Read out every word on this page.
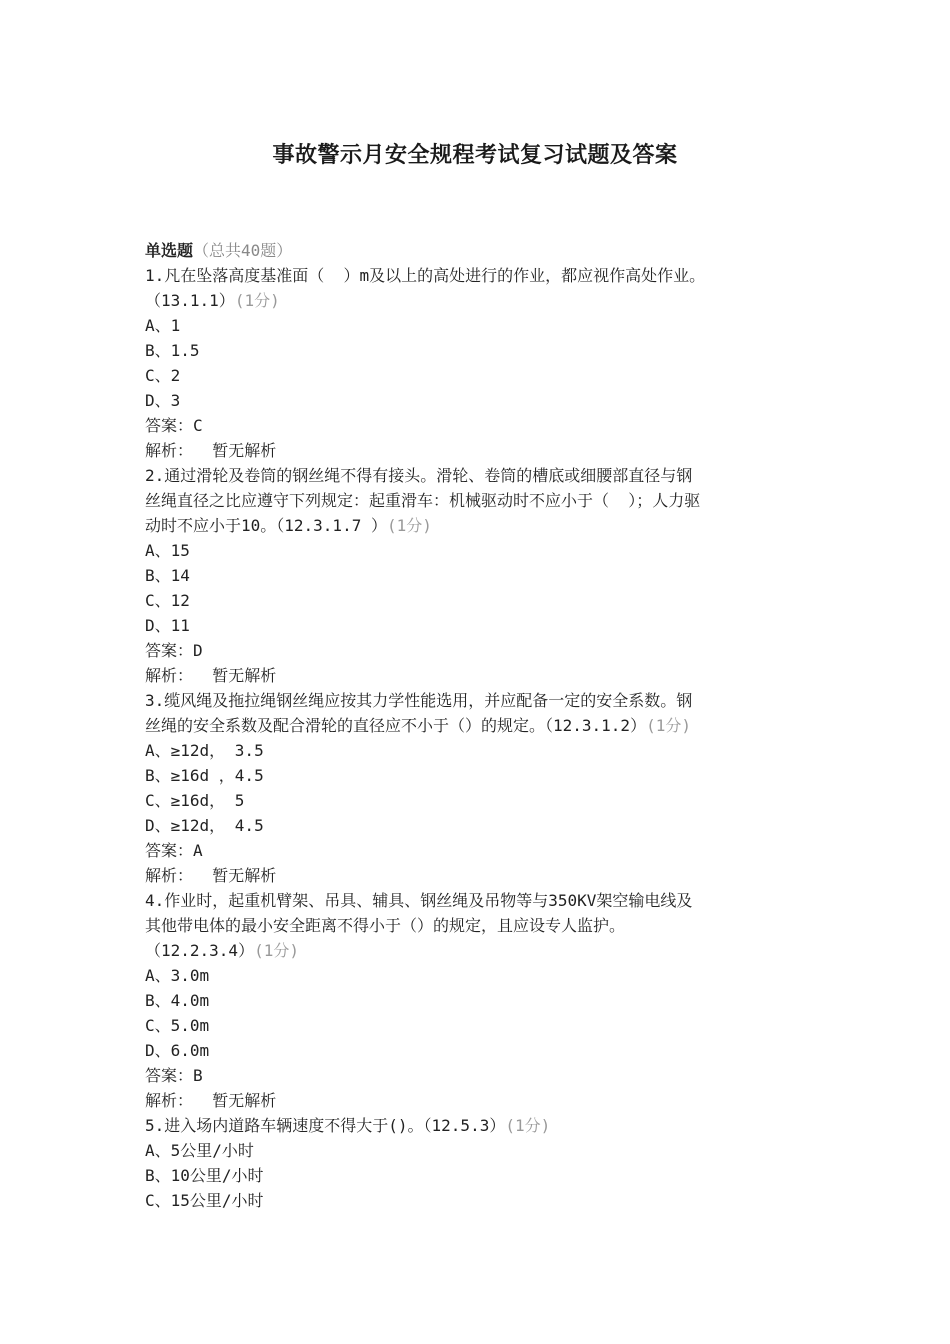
事故警示月安全规程考试复习试题及答案
单选题（总共40题）
1.凡在坠落高度基准面（  ）m及以上的高处进行的作业，都应视作高处作业。
（13.1.1）(1分)
A、1
B、1.5
C、2
D、3
答案：C
解析： 暂无解析
2.通过滑轮及卷筒的钢丝绳不得有接头。滑轮、卷筒的槽底或细腰部直径与钢
丝绳直径之比应遵守下列规定：起重滑车：机械驱动时不应小于（  ）；人力驱
动时不应小于10。（12.3.1.7 ）(1分)
A、15
B、14
C、12
D、11
答案：D
解析： 暂无解析
3.缆风绳及拖拉绳钢丝绳应按其力学性能选用，并应配备一定的安全系数。钢
丝绳的安全系数及配合滑轮的直径应不小于（）的规定。（12.3.1.2）(1分)
A、≥12d， 3.5
B、≥16d ，4.5
C、≥16d， 5
D、≥12d， 4.5
答案：A
解析： 暂无解析
4.作业时，起重机臂架、吊具、辅具、钢丝绳及吊物等与350KV架空输电线及
其他带电体的最小安全距离不得小于（）的规定，且应设专人监护。
（12.2.3.4）(1分)
A、3.0m
B、4.0m
C、5.0m
D、6.0m
答案：B
解析： 暂无解析
5.进入场内道路车辆速度不得大于()。（12.5.3）(1分)
A、5公里/小时
B、10公里/小时
C、15公里/小时
